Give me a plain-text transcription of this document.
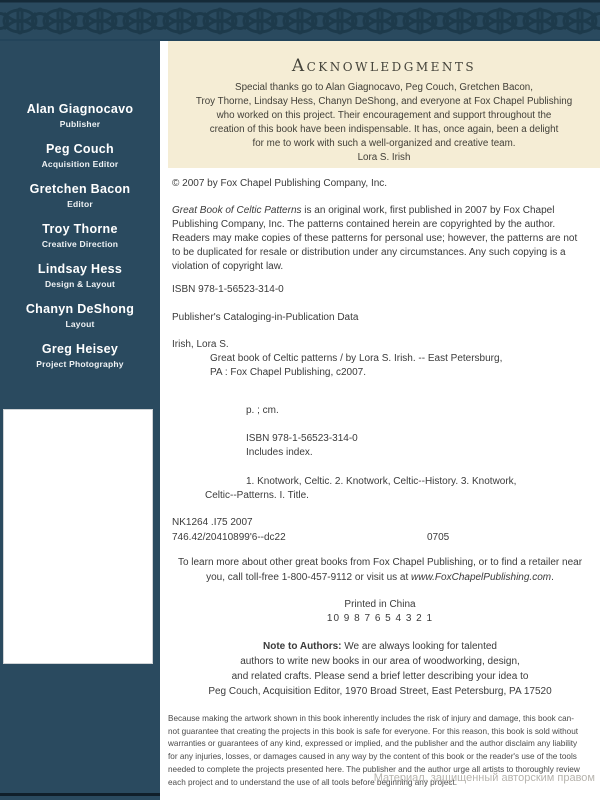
Alan Giagnocavo
Publisher
Peg Couch
Acquisition Editor
Gretchen Bacon
Editor
Troy Thorne
Creative Direction
Lindsay Hess
Design & Layout
Chanyn DeShong
Layout
Greg Heisey
Project Photography
Acknowledgments
Special thanks go to Alan Giagnocavo, Peg Couch, Gretchen Bacon,
Troy Thorne, Lindsay Hess, Chanyn DeShong, and everyone at Fox Chapel Publishing
who worked on this project. Their encouragement and support throughout the
creation of this book have been indispensable. It has, once again, been a delight
for me to work with such a well-organized and creative team.
Lora S. Irish
© 2007 by Fox Chapel Publishing Company, Inc.
Great Book of Celtic Patterns is an original work, first published in 2007 by Fox Chapel
Publishing Company, Inc. The patterns contained herein are copyrighted by the author.
Readers may make copies of these patterns for personal use; however, the patterns are not
to be duplicated for resale or distribution under any circumstances. Any such copying is a
violation of copyright law.
ISBN 978-1-56523-314-0
Publisher's Cataloging-in-Publication Data
Irish, Lora S.
Great book of Celtic patterns / by Lora S. Irish. -- East Petersburg,
PA : Fox Chapel Publishing, c2007.
p. ; cm.
ISBN 978-1-56523-314-0
Includes index.
1. Knotwork, Celtic. 2. Knotwork, Celtic--History. 3. Knotwork,
Celtic--Patterns. I. Title.
NK1264 .I75 2007
746.42/20410899'6--dc22	0705
To learn more about other great books from Fox Chapel Publishing, or to find a retailer near
you, call toll-free 1-800-457-9112 or visit us at www.FoxChapelPublishing.com.
Printed in China
10 9 8 7 6 5 4 3 2 1
Note to Authors: We are always looking for talented
authors to write new books in our area of woodworking, design,
and related crafts. Please send a brief letter describing your idea to
Peg Couch, Acquisition Editor, 1970 Broad Street, East Petersburg, PA 17520
Because making the artwork shown in this book inherently includes the risk of injury and damage, this book can-
not guarantee that creating the projects in this book is safe for everyone. For this reason, this book is sold without
warranties or guarantees of any kind, expressed or implied, and the publisher and the author disclaim any liability
for any injuries, losses, or damages caused in any way by the content of this book or the reader's use of the tools
needed to complete the projects presented here. The publisher and the author urge all artists to thoroughly review
each project and to understand the use of all tools before beginning any project.
Материал, защищенный авторским правом
